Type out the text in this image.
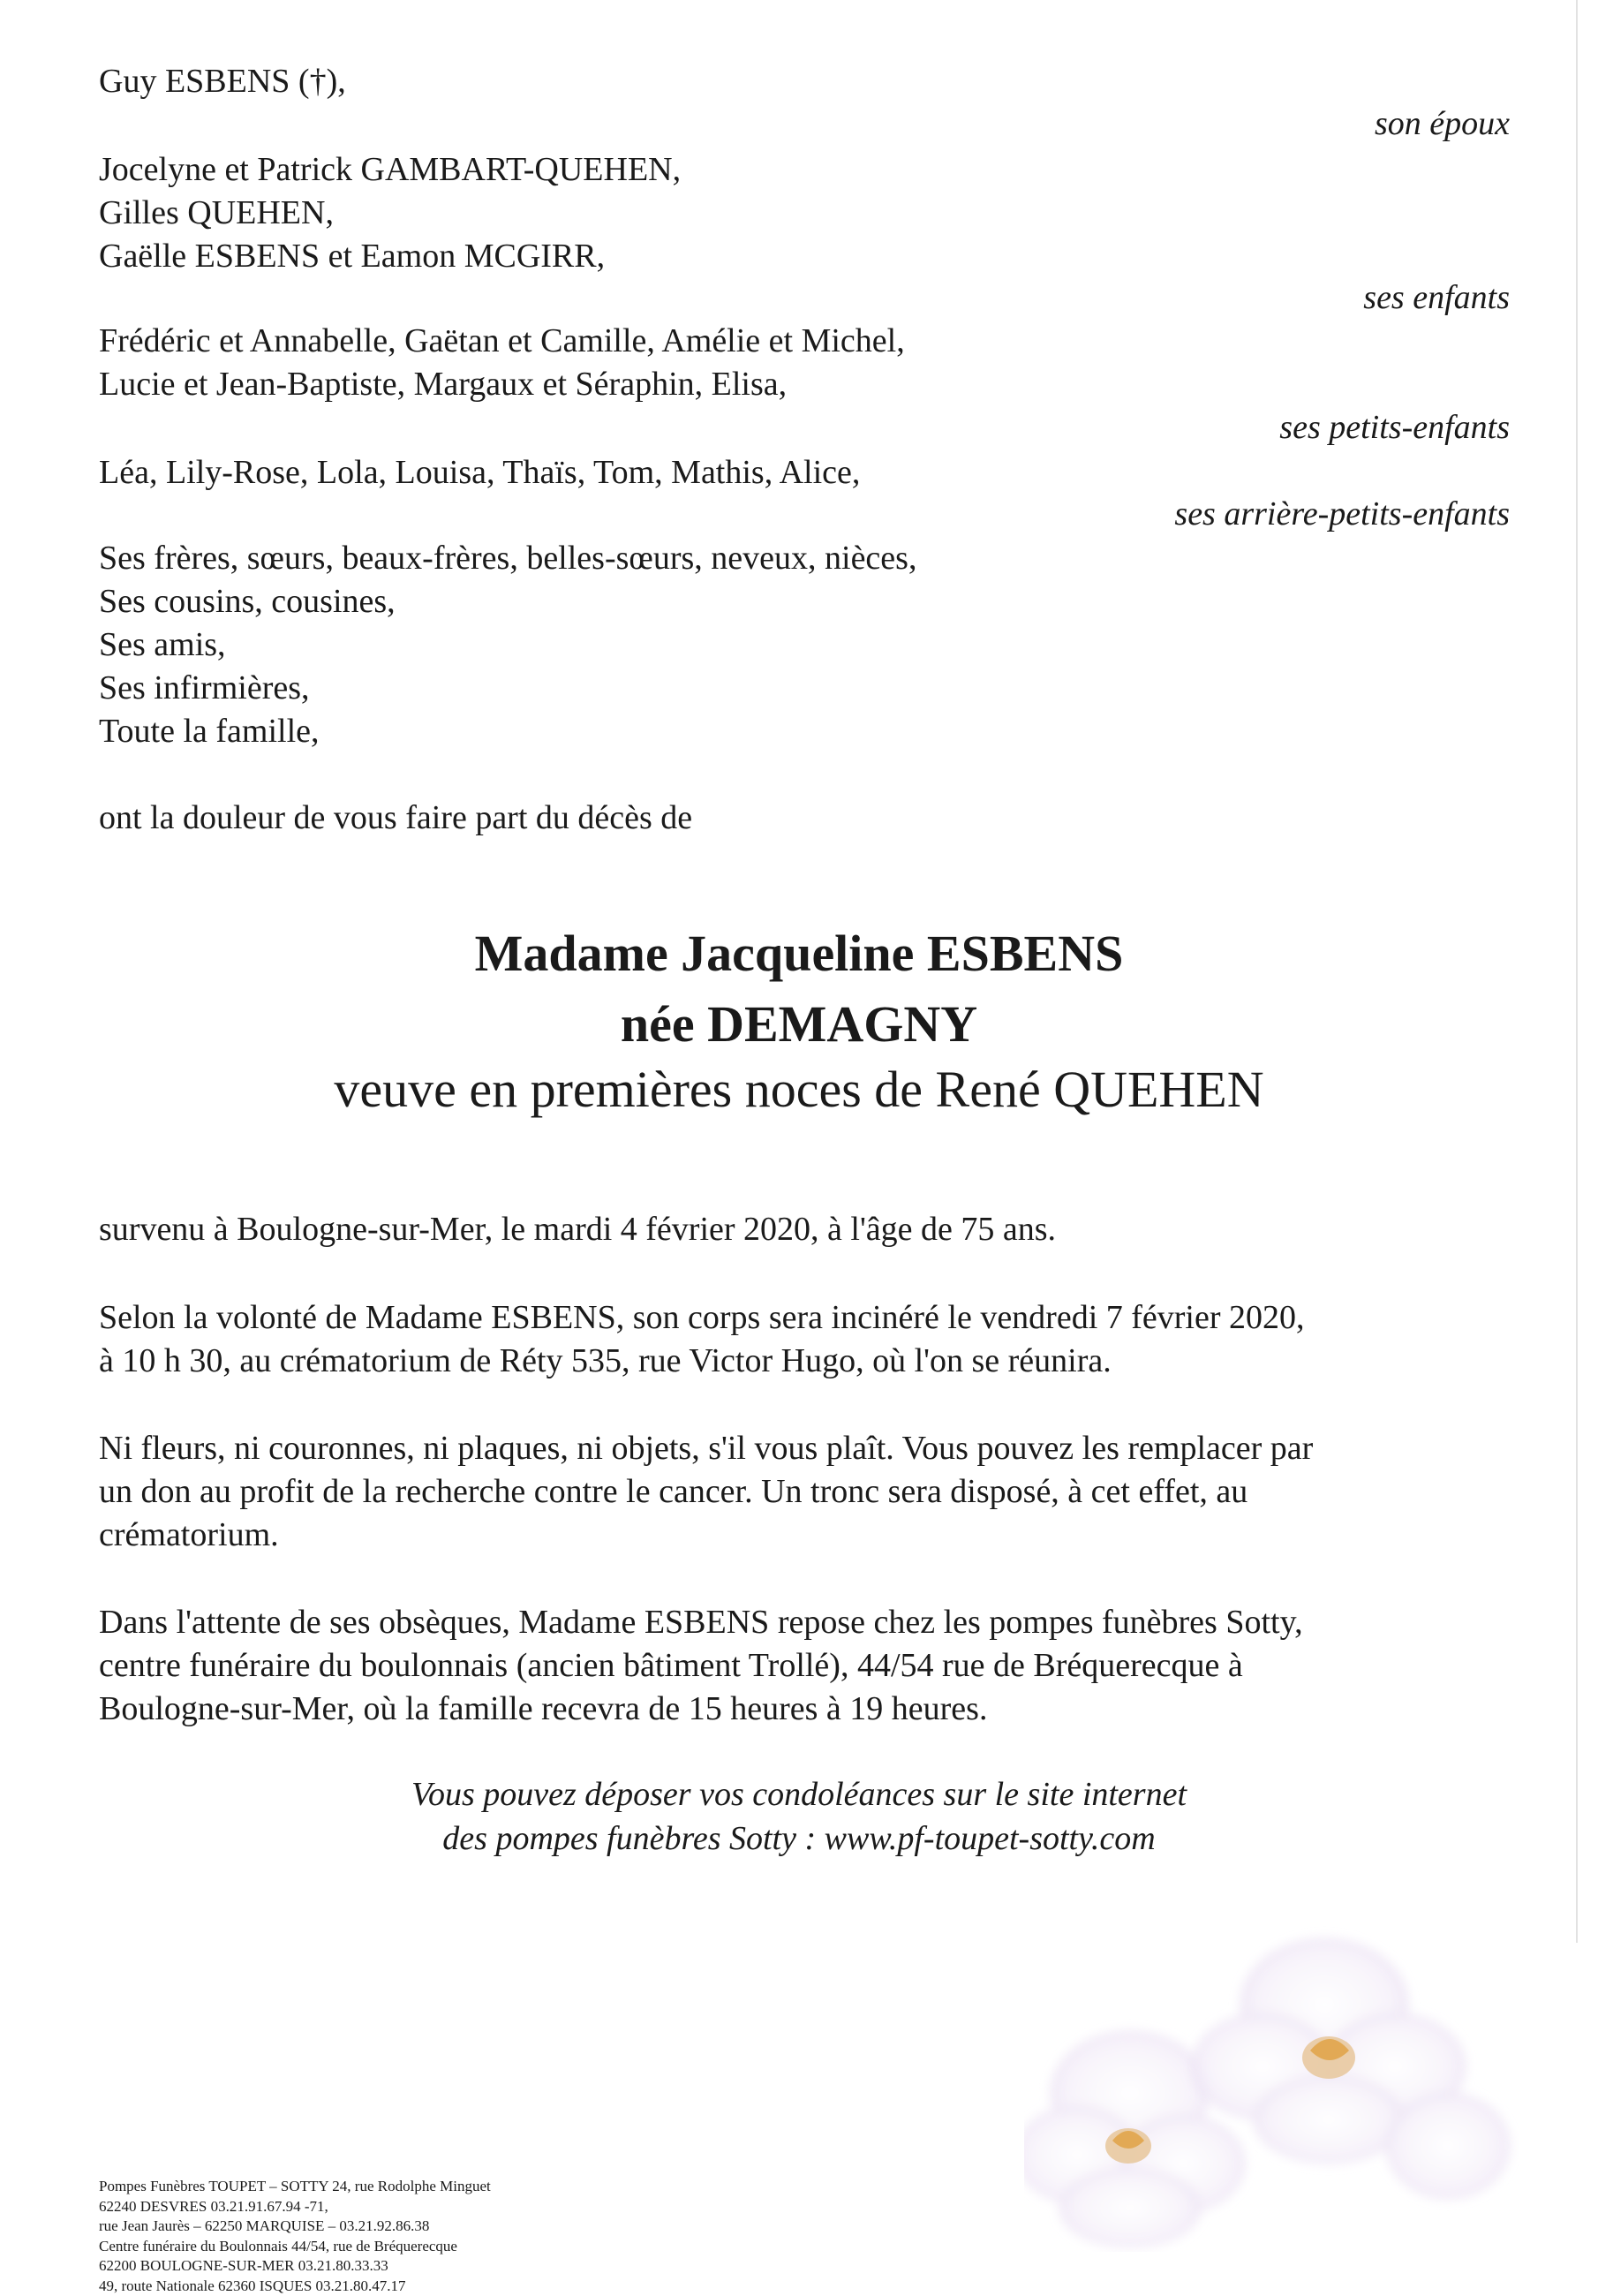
Guy ESBENS (†),
son époux
Jocelyne et Patrick GAMBART-QUEHEN,
Gilles QUEHEN,
Gaëlle ESBENS et Eamon MCGIRR,
ses enfants
Frédéric et Annabelle, Gaëtan et Camille, Amélie et Michel,
Lucie et Jean-Baptiste, Margaux et Séraphin, Elisa,
ses petits-enfants
Léa, Lily-Rose, Lola, Louisa, Thaïs, Tom, Mathis, Alice,
ses arrière-petits-enfants
Ses frères, sœurs, beaux-frères, belles-sœurs, neveux, nièces,
Ses cousins, cousines,
Ses amis,
Ses infirmières,
Toute la famille,
ont la douleur de vous faire part du décès de
Madame Jacqueline ESBENS
née DEMAGNY
veuve en premières noces de René QUEHEN

survenu à Boulogne-sur-Mer, le mardi 4 février 2020, à l'âge de 75 ans.

Selon la volonté de Madame ESBENS, son corps sera incinéré le vendredi 7 février 2020,

à 10 h 30, au crématorium de Réty 535, rue Victor Hugo, où l'on se réunira.

Ni fleurs, ni couronnes, ni plaques, ni objets, s'il vous plaît. Vous pouvez les remplacer par

un don au profit de la recherche contre le cancer. Un tronc sera disposé, à cet effet, au

crématorium.

Dans l'attente de ses obsèques, Madame ESBENS repose chez les pompes funèbres Sotty,

centre funéraire du boulonnais (ancien bâtiment Trollé), 44/54 rue de Bréquerecque à

Boulogne-sur-Mer, où la famille recevra de 15 heures à 19 heures.

Vous pouvez déposer vos condoléances sur le site internet
des pompes funèbres Sotty : www.pf-toupet-sotty.com

Pompes Funèbres TOUPET – SOTTY 24, rue Rodolphe Minguet

62240 DESVRES 03.21.91.67.94 -71,

rue Jean Jaurès – 62250 MARQUISE – 03.21.92.86.38

Centre funéraire du Boulonnais 44/54, rue de Bréquerecque

62200 BOULOGNE-SUR-MER 03.21.80.33.33

49, route Nationale 62360 ISQUES 03.21.80.47.17
